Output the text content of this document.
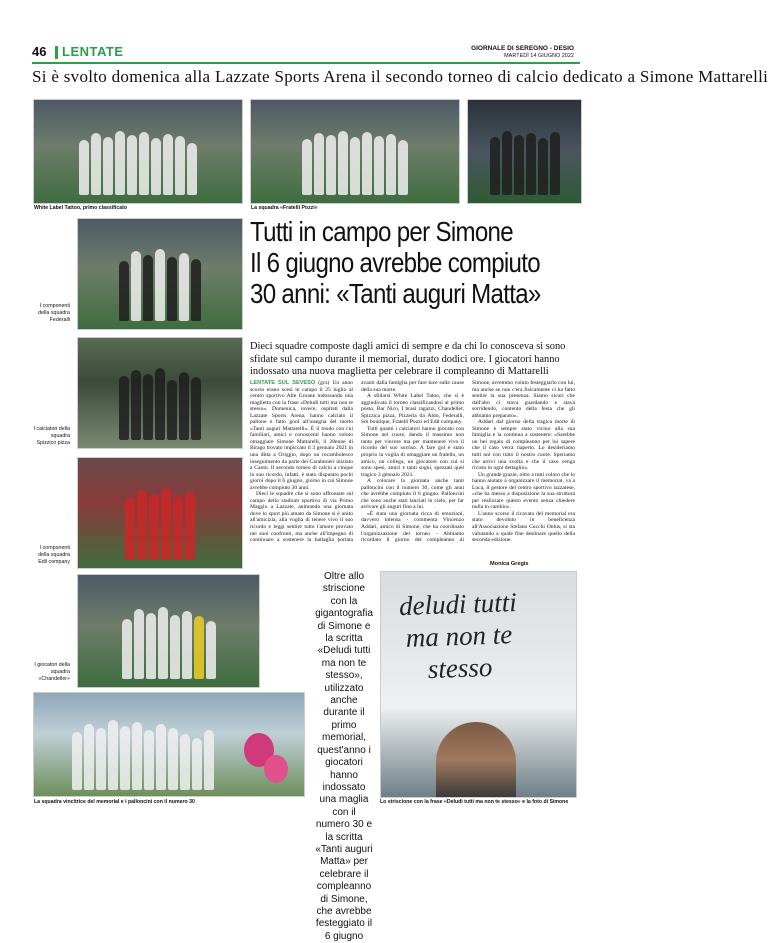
46 LENTATE	GIORNALE DI SEREGNO - DESIO
MARTEDÌ 14 GIUGNO 2022
Si è svolto domenica alla Lazzate Sports Arena il secondo torneo di calcio dedicato a Simone Mattarelli
White Label Tattoo, primo classificato	La squadra «Fratelli Pozzi»
I componenti della squadra Federalli
I calciatori della squadra Spizzico pizza
I componenti della squadra Edil company
I giocatori della squadra «Chandeller»
Tutti in campo per Simone
Il 6 giugno avrebbe compiuto
30 anni: «Tanti auguri Matta»
Dieci squadre composte dagli amici di sempre e da chi lo conosceva si sono sfidate sul campo durante il memorial, durato dodici ore. I giocatori hanno indossato una nuova maglietta per celebrare il compleanno di Mattarelli

LENTATE SUL SEVESO (gcs) Un anno scorso erano scesi in campo il 25 luglio al centro sportivo Alte Groane indossando una maglietta con la frase «Deludi tutti ma non te stesso». Domenica, invece, ospitati dalla Lazzate Sports Arena, hanno calciato il pallone e fatto gool all'insegna del motto «Tanti auguri Mattarelli». È il modo con cui familiari, amici e conoscenti hanno voluto omaggiare Simone Mattarelli, il 28enne di Birago trovato impiccato il 3 gennaio 2021 in una ditta a Origgio, dopo un rocambolesco inseguimento da parte dei Carabinieri iniziato a Cantù. Il secondo torneo di calcio a cinque in suo ricordo, infatti, è stato disputato pochi giorni dopo il 6 giugno, giorno in cui Simone avrebbe compiuto 30 anni.

Dieci le squadre che si sono affrontate sul campo dello stadium sportivo di via Primo Maggio a Lazzate, animando una giornata dove lo sport più amato da Simone si è unito all'amicizia, alla voglia di tenere vivo il suo ricordo e leggi sentire tutto l'amore provato nei suoi confronti, ma anche all'impegno di continuare a sostenere la battaglia portata avanti dalla famiglia per fare luce sulle cause della sua morte.

A sfidarsi White Label Tatoo, che si è aggiudicata il torneo classificandosi al primo posto, Bar Nico, I brasi ragazzi, Chandeller, Spizzica pizza, Pizzeria da Aldo, Federalli, Sm boutique, Fratelli Pozzi ed Edil company.

Tutti quanti i calciatori hanno giocato con Simone nel cuore, dando il massimo non tanto per vincere ma per mantenere vivo il ricordo del suo sorriso. A fare gol è stato proprio la voglia di omaggiare un fratello, un amico, un collega, un giocatore con cui si sono spesi, amici e tanti sogni, spezzati quel tragico 3 gennaio 2021.

A colorare la giornata anche tanti palloncini con il numero 30, come gli anni che avrebbe compiuto il 6 giugno. Palloncini che sono anche stati lanciati in cielo, per far arrivare gli auguri fino a lui.

«È stata una giornata ricca di emozioni, davvero intensa - commenta Vincenzo Addari, amico di Simone, che ha coordinato l'organizzazione del torneo - Abbiamo ricordato il giorno del compleanno di Simone, avremmo voluto festeggiarlo con lui, ma anche se non c'era fisicamente ci ha fatto sentire la sua presenza. Siamo sicuri che dall'alto ci stava guardando e stava sorridendo, contento della festa che gli abbiamo preparato».

Addari dal giorno della tragica morte di Simone è sempre stato vicino alla sua famiglia e la continua a sostenere: «Sarebbe un bel regalo di compleanno per lui sapere che il caso verrà riaperto. Lo desideriamo tutti noi con tutto il nostro cuore. Speriamo che arrivi una svolta e che il caso venga rivisto in ogni dettaglio».

Un grande grazie, oltre a tutti coloro che lo hanno aiutato a organizzare il memorial, va a Luca, il gestore del centro sportivo lazzatese, «che ha messo a disposizione la sua struttura per realizzare questo evento senza chiedere nulla in cambio».

L'anno scorso il ricavato del memorial era stato devoluto in beneficenza all'Associazione Stefano Cucchi Onlus, si sta valutando a quale fine destinare quello della seconda edizione.

Monica Gregis
Oltre allo striscione con la gigantografia di Simone e la scritta «Deludi tutti ma non te stesso», utilizzato anche durante il primo memorial, quest'anno i giocatori hanno indossato una maglia con il numero 30 e la scritta «Tanti auguri Matta» per celebrare il compleanno di Simone, che avrebbe festeggiato il 6 giugno
deludi tutti ma non te stesso
Lo striscione con la frase «Deludi tutti ma non te stesso» e la foto di Simone
La squadra vincitrice del memorial e i palloncini con il numero 30
